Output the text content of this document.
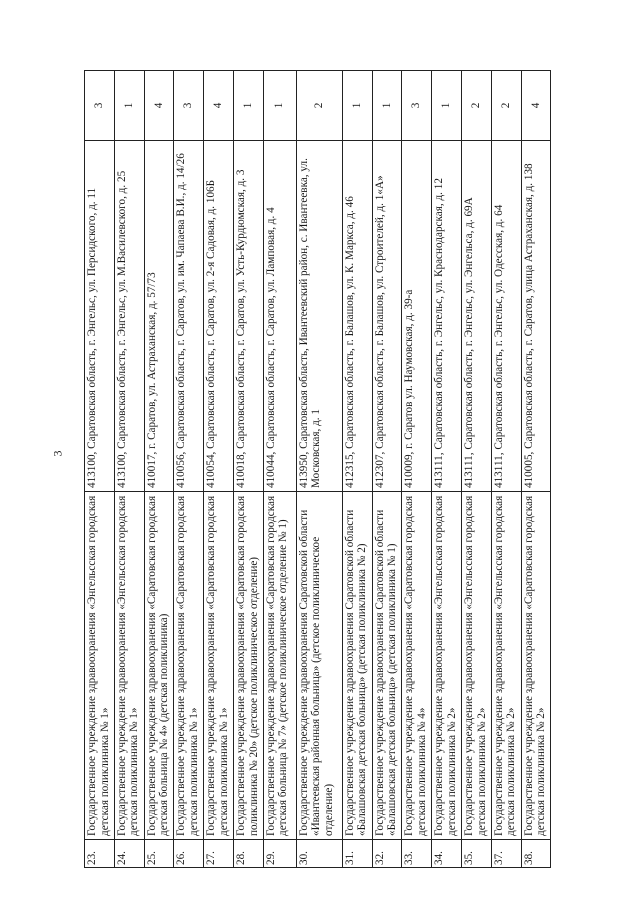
3
23.	Государственное учреждение здравоохранения «Энгельсская городская детская поликлиника № 1»	413100, Саратовская область, г. Энгельс, ул. Персидского, д. 11	3
24.	Государственное учреждение здравоохранения «Энгельсская городская детская поликлиника № 1»	413100, Саратовская область, г. Энгельс, ул. М.Василевского, д. 25	1
25.	Государственное учреждение здравоохранения «Саратовская городская детская больница № 4» (детская поликлиника)	410017, г. Саратов, ул. Астраханская, д. 57/73	4
26.	Государственное учреждение здравоохранения «Саратовская городская детская поликлиника № 1»	410056, Саратовская область, г. Саратов, ул. им. Чапаева В.И., д. 14/26	3
27.	Государственное учреждение здравоохранения «Саратовская городская детская поликлиника № 1»	410054, Саратовская область, г. Саратов, ул. 2-я Садовая, д. 106Б	4
28.	Государственное учреждение здравоохранения «Саратовская городская поликлиника № 20» (детское поликлиническое отделение)	410018, Саратовская область, г. Саратов, ул. Усть-Курдюмская, д. 3	1
29.	Государственное учреждение здравоохранения «Саратовская городская детская больница № 7» (детское поликлиническое отделение № 1)	410044, Саратовская область, г. Саратов, ул. Ламповая, д. 4	1
30.	Государственное учреждение здравоохранения Саратовской области «Ивантеевская районная больница» (детское поликлиническое отделение)	413950, Саратовская область, Ивантеевский район, с. Ивантеевка, ул. Московская, д. 1	2
31.	Государственное учреждение здравоохранения Саратовской области «Балашовская детская больница» (детская поликлиника № 2)	412315, Саратовская область, г. Балашов, ул. К. Маркса, д. 46	1
32.	Государственное учреждение здравоохранения Саратовской области «Балашовская детская больница» (детская поликлиника № 1)	412307, Саратовская область, г. Балашов, ул. Строителей, д. 1«А»	1
33.	Государственное учреждение здравоохранения «Саратовская городская детская поликлиника № 4»	410009, г. Саратов ул. Наумовская, д. 39-а	3
34.	Государственное учреждение здравоохранения «Энгельсская городская детская поликлиника № 2»	413111, Саратовская область, г. Энгельс, ул. Краснодарская, д. 12	1
35.	Государственное учреждение здравоохранения «Энгельсская городская детская поликлиника № 2»	413111, Саратовская область, г. Энгельс, ул. Энгельса, д. 69А	2
37.	Государственное учреждение здравоохранения «Энгельсская городская детская поликлиника № 2»	413111, Саратовская область, г. Энгельс, ул. Одесская, д. 64	2
38.	Государственное учреждение здравоохранения «Саратовская городская детская поликлиника № 2»	410005, Саратовская область, г. Саратов, улица Астраханская, д. 138	4
